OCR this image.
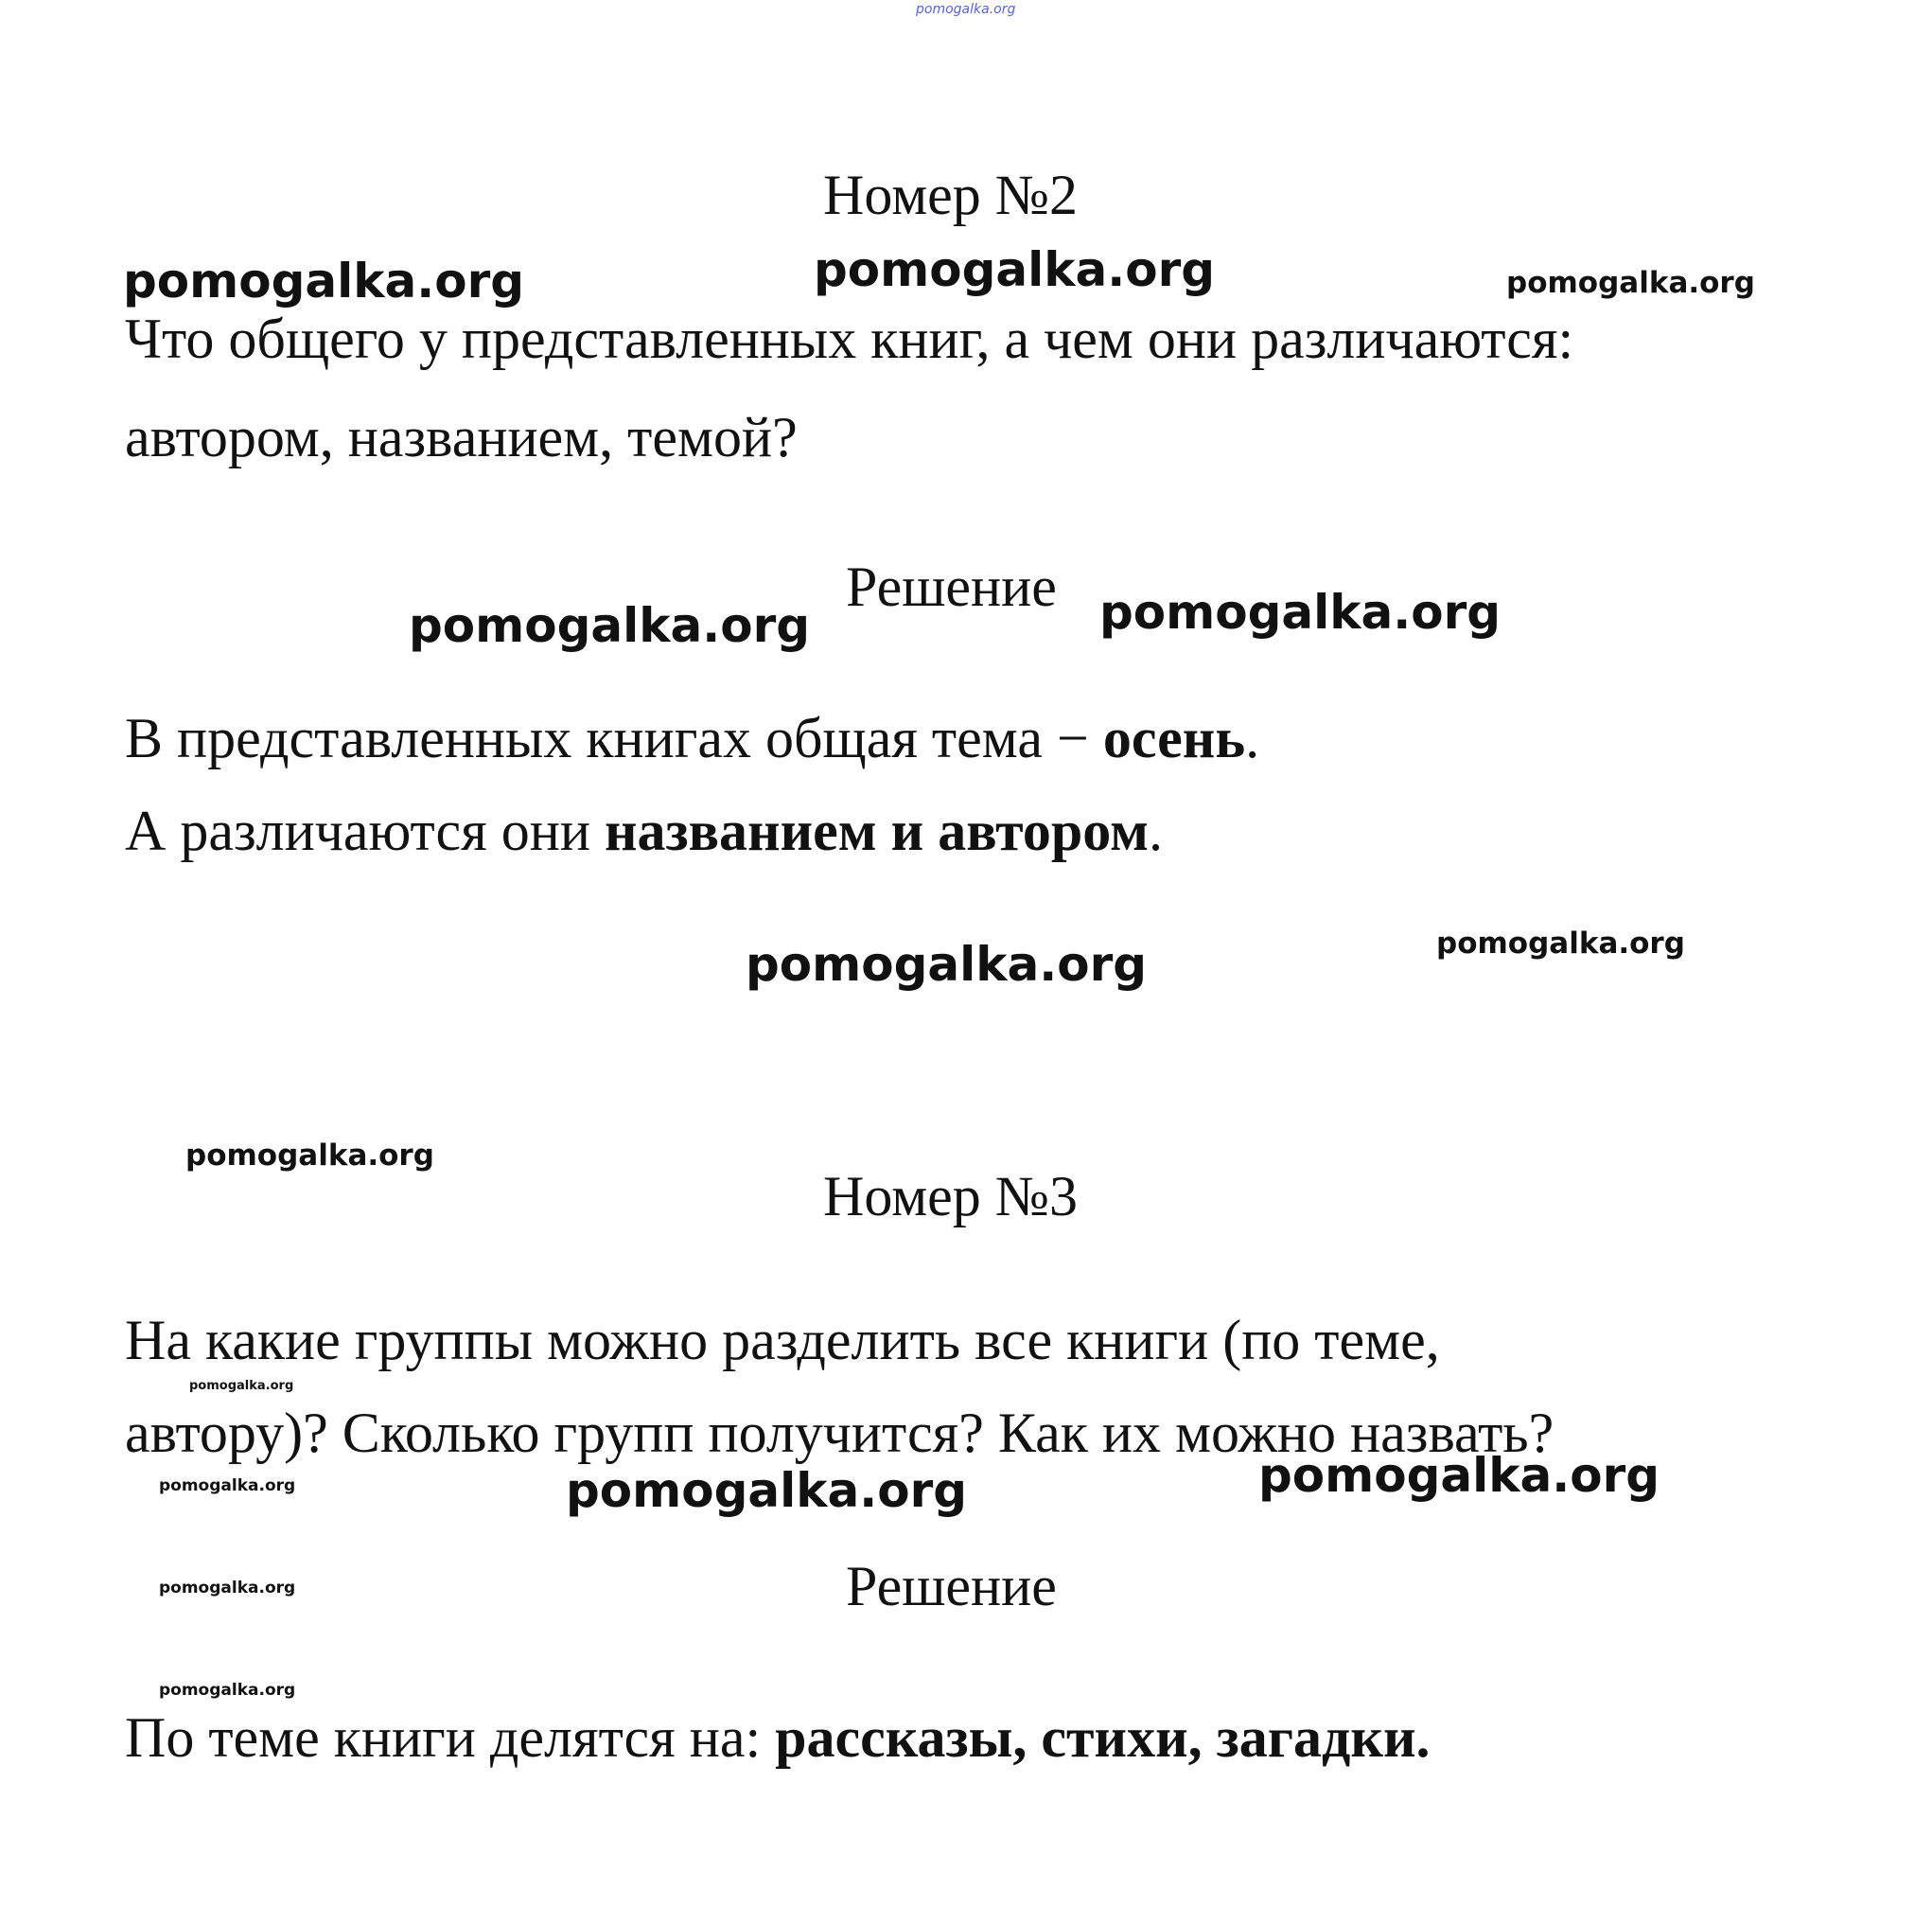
pomogalka.org
Номер №2
pomogalka.org	pomogalka.org	pomogalka.org
Что общего у представленных книг, а чем они различаются:
автором, названием, темой?
pomogalka.org
Решение pomogalka.org
В представленных книгах общая тема − осень.
А различаются они названием и автором.
pomogalka.org	pomogalka.org
pomogalka.org
Номер №3
На какие группы можно разделить все книги (по теме,
pomogalka.org
автору)? Сколько групп получится? Как их можно назвать?
pomogalka.org	pomogalka.org	pomogalka.org
pomogalka.org	Решение
pomogalka.org
По теме книги делятся на: рассказы, стихи, загадки.
